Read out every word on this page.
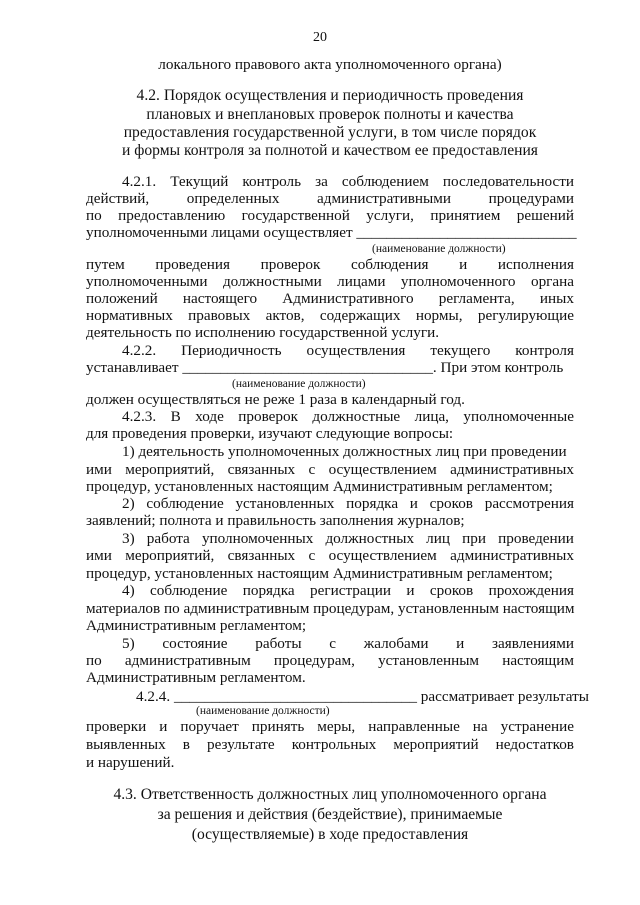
20
локального правового акта уполномоченного органа)
4.2. Порядок осуществления и периодичность проведения
плановых и внеплановых проверок полноты и качества
предоставления государственной услуги, в том числе порядок
и формы контроля за полнотой и качеством ее предоставления
4.2.1. Текущий контроль за соблюдением последовательности
действий, определенных административными процедурами
по предоставлению государственной услуги, принятием решений
уполномоченными лицами осуществляет _____________________________
(наименование должности)
путем проведения проверок соблюдения и исполнения
уполномоченными должностными лицами уполномоченного органа
положений настоящего Административного регламента, иных
нормативных правовых актов, содержащих нормы, регулирующие
деятельность по исполнению государственной услуги.
4.2.2. Периодичность осуществления текущего контроля
устанавливает _________________________________. При этом контроль
(наименование должности)
должен осуществляться не реже 1 раза в календарный год.
4.2.3. В ходе проверок должностные лица, уполномоченные
для проведения проверки, изучают следующие вопросы:
1) деятельность уполномоченных должностных лиц при проведении
ими мероприятий, связанных с осуществлением административных
процедур, установленных настоящим Административным регламентом;
2) соблюдение установленных порядка и сроков рассмотрения
заявлений; полнота и правильность заполнения журналов;
3) работа уполномоченных должностных лиц при проведении
ими мероприятий, связанных с осуществлением административных
процедур, установленных настоящим Административным регламентом;
4) соблюдение порядка регистрации и сроков прохождения
материалов по административным процедурам, установленным настоящим
Административным регламентом;
5) состояние работы с жалобами и заявлениями
по административным процедурам, установленным настоящим
Административным регламентом.
4.2.4. ________________________________ рассматривает результаты
(наименование должности)
проверки и поручает принять меры, направленные на устранение
выявленных в результате контрольных мероприятий недостатков
и нарушений.
4.3. Ответственность должностных лиц уполномоченного органа
за решения и действия (бездействие), принимаемые
(осуществляемые) в ходе предоставления
